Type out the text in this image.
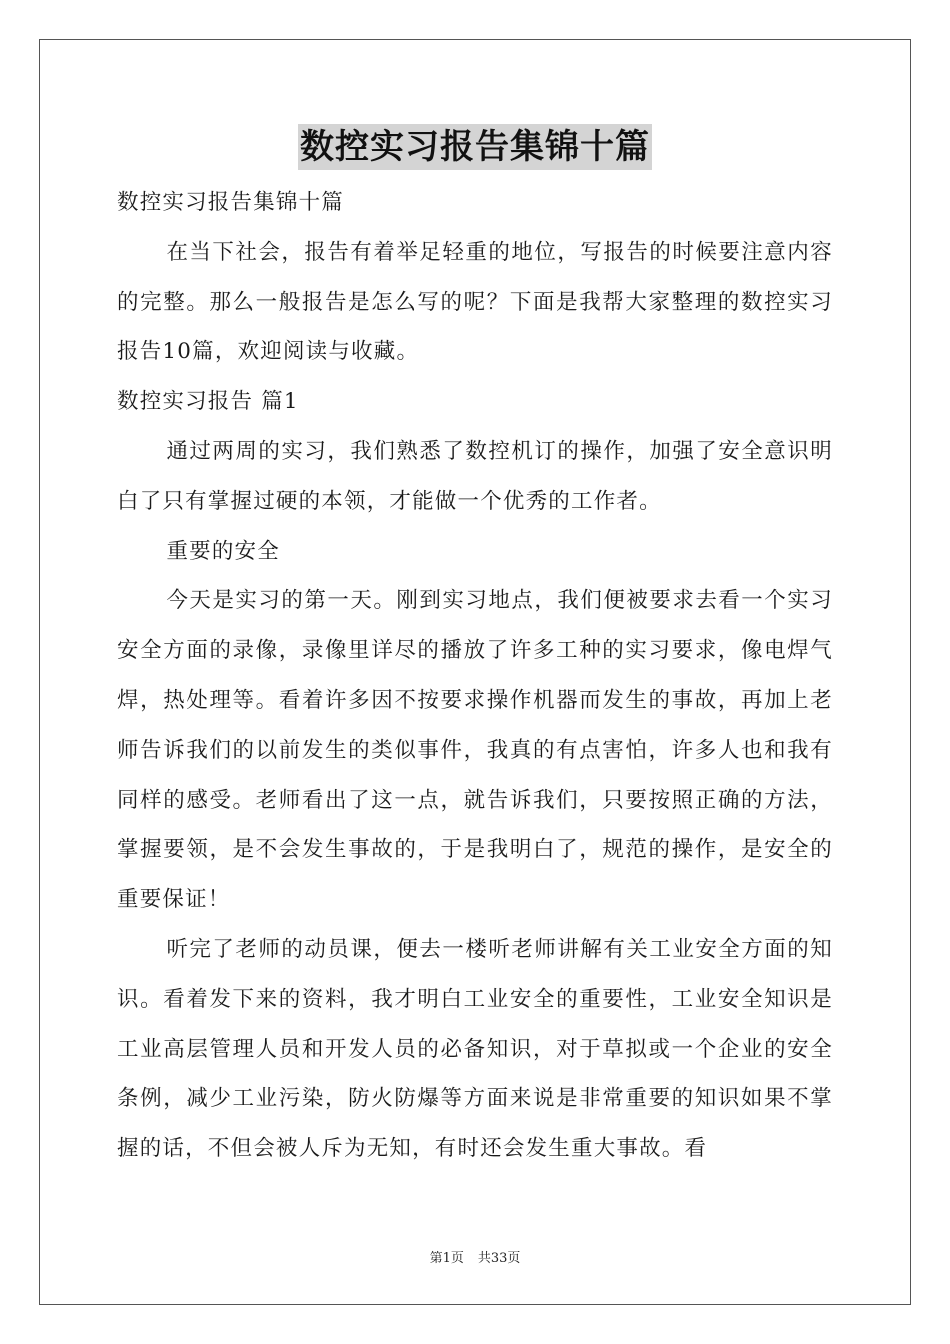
数控实习报告集锦十篇

数控实习报告集锦十篇

在当下社会，报告有着举足轻重的地位，写报告的时候要注意内容的完整。那么一般报告是怎么写的呢？下面是我帮大家整理的数控实习报告10篇，欢迎阅读与收藏。

数控实习报告 篇1

通过两周的实习，我们熟悉了数控机订的操作，加强了安全意识明白了只有掌握过硬的本领，才能做一个优秀的工作者。

重要的安全

今天是实习的第一天。刚到实习地点，我们便被要求去看一个实习安全方面的录像，录像里详尽的播放了许多工种的实习要求，像电焊气焊，热处理等。看着许多因不按要求操作机器而发生的事故，再加上老师告诉我们的以前发生的类似事件，我真的有点害怕，许多人也和我有同样的感受。老师看出了这一点，就告诉我们，只要按照正确的方法，掌握要领，是不会发生事故的，于是我明白了，规范的操作，是安全的重要保证！

听完了老师的动员课，便去一楼听老师讲解有关工业安全方面的知识。看着发下来的资料，我才明白工业安全的重要性，工业安全知识是工业高层管理人员和开发人员的必备知识，对于草拟或一个企业的安全条例，减少工业污染，防火防爆等方面来说是非常重要的知识如果不掌握的话，不但会被人斥为无知，有时还会发生重大事故。看

第1页 共33页
